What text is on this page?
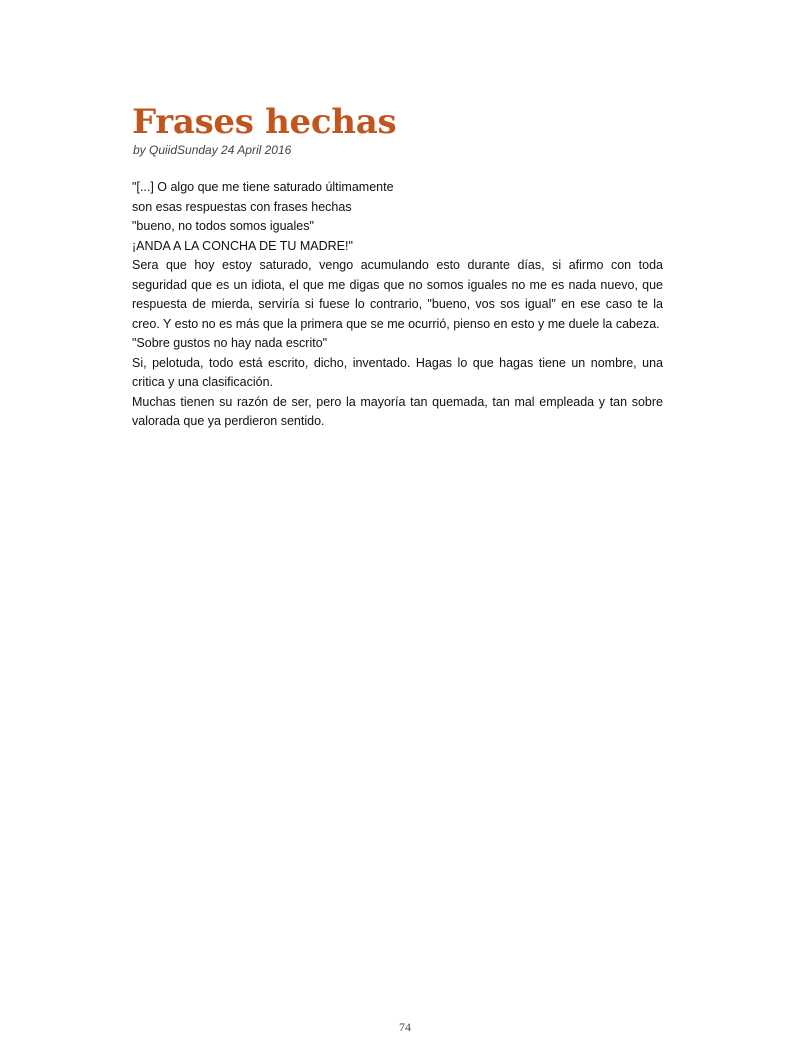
Frases hechas
by QuiidSunday 24 April 2016

"[...] O algo que me tiene saturado últimamente

son esas respuestas con frases hechas

"bueno, no todos somos iguales"

¡ANDA A LA CONCHA DE TU MADRE!"

Sera que hoy estoy saturado, vengo acumulando esto durante días, si afirmo con toda seguridad que es un idiota, el que me digas que no somos iguales no me es nada nuevo, que respuesta de mierda, serviría si fuese lo contrario, "bueno, vos sos igual" en ese caso te la creo. Y esto no es más que la primera que se me ocurrió, pienso en esto y me duele la cabeza.

"Sobre gustos no hay nada escrito"

Si, pelotuda, todo está escrito, dicho, inventado. Hagas lo que hagas tiene un nombre, una critica y una clasificación.

Muchas tienen su razón de ser, pero la mayoría tan quemada, tan mal empleada y tan sobre valorada que ya perdieron sentido.

74
